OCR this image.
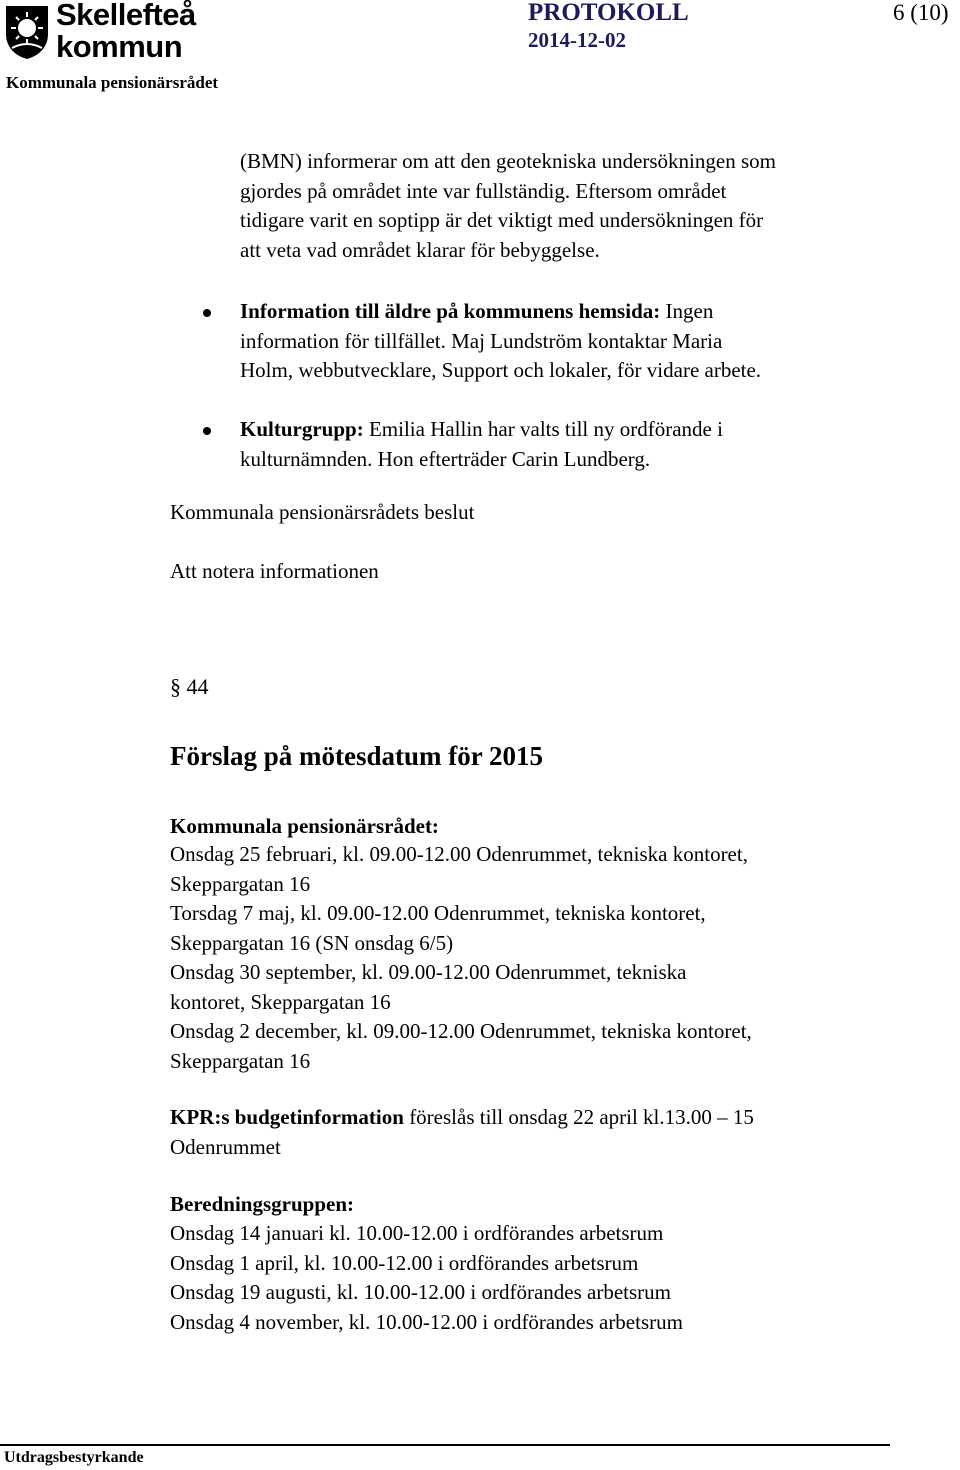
Skellefteå
kommun
PROTOKOLL
2014-12-02
6 (10)
Kommunala pensionärsrådet
(BMN) informerar om att den geotekniska undersökningen som
gjordes på området inte var fullständig. Eftersom området
tidigare varit en soptipp är det viktigt med undersökningen för
att veta vad området klarar för bebyggelse.
Information till äldre på kommunens hemsida: Ingen
information för tillfället. Maj Lundström kontaktar Maria
Holm, webbutvecklare, Support och lokaler, för vidare arbete.
Kulturgrupp: Emilia Hallin har valts till ny ordförande i
kulturnämnden. Hon efterträder Carin Lundberg.
Kommunala pensionärsrådets beslut
Att notera informationen
§ 44
Förslag på mötesdatum för 2015
Kommunala pensionärsrådet:
Onsdag 25 februari, kl. 09.00-12.00 Odenrummet, tekniska kontoret,
Skeppargatan 16
Torsdag 7 maj, kl. 09.00-12.00 Odenrummet, tekniska kontoret,
Skeppargatan 16 (SN onsdag 6/5)
Onsdag 30 september, kl. 09.00-12.00 Odenrummet, tekniska
kontoret, Skeppargatan 16
Onsdag 2 december, kl. 09.00-12.00 Odenrummet, tekniska kontoret,
Skeppargatan 16
KPR:s budgetinformation föreslås till onsdag 22 april kl.13.00 – 15
Odenrummet
Beredningsgruppen:
Onsdag 14 januari kl. 10.00-12.00 i ordförandes arbetsrum
Onsdag 1 april, kl. 10.00-12.00 i ordförandes arbetsrum
Onsdag 19 augusti, kl. 10.00-12.00 i ordförandes arbetsrum
Onsdag 4 november, kl. 10.00-12.00 i ordförandes arbetsrum
Utdragsbestyrkande
